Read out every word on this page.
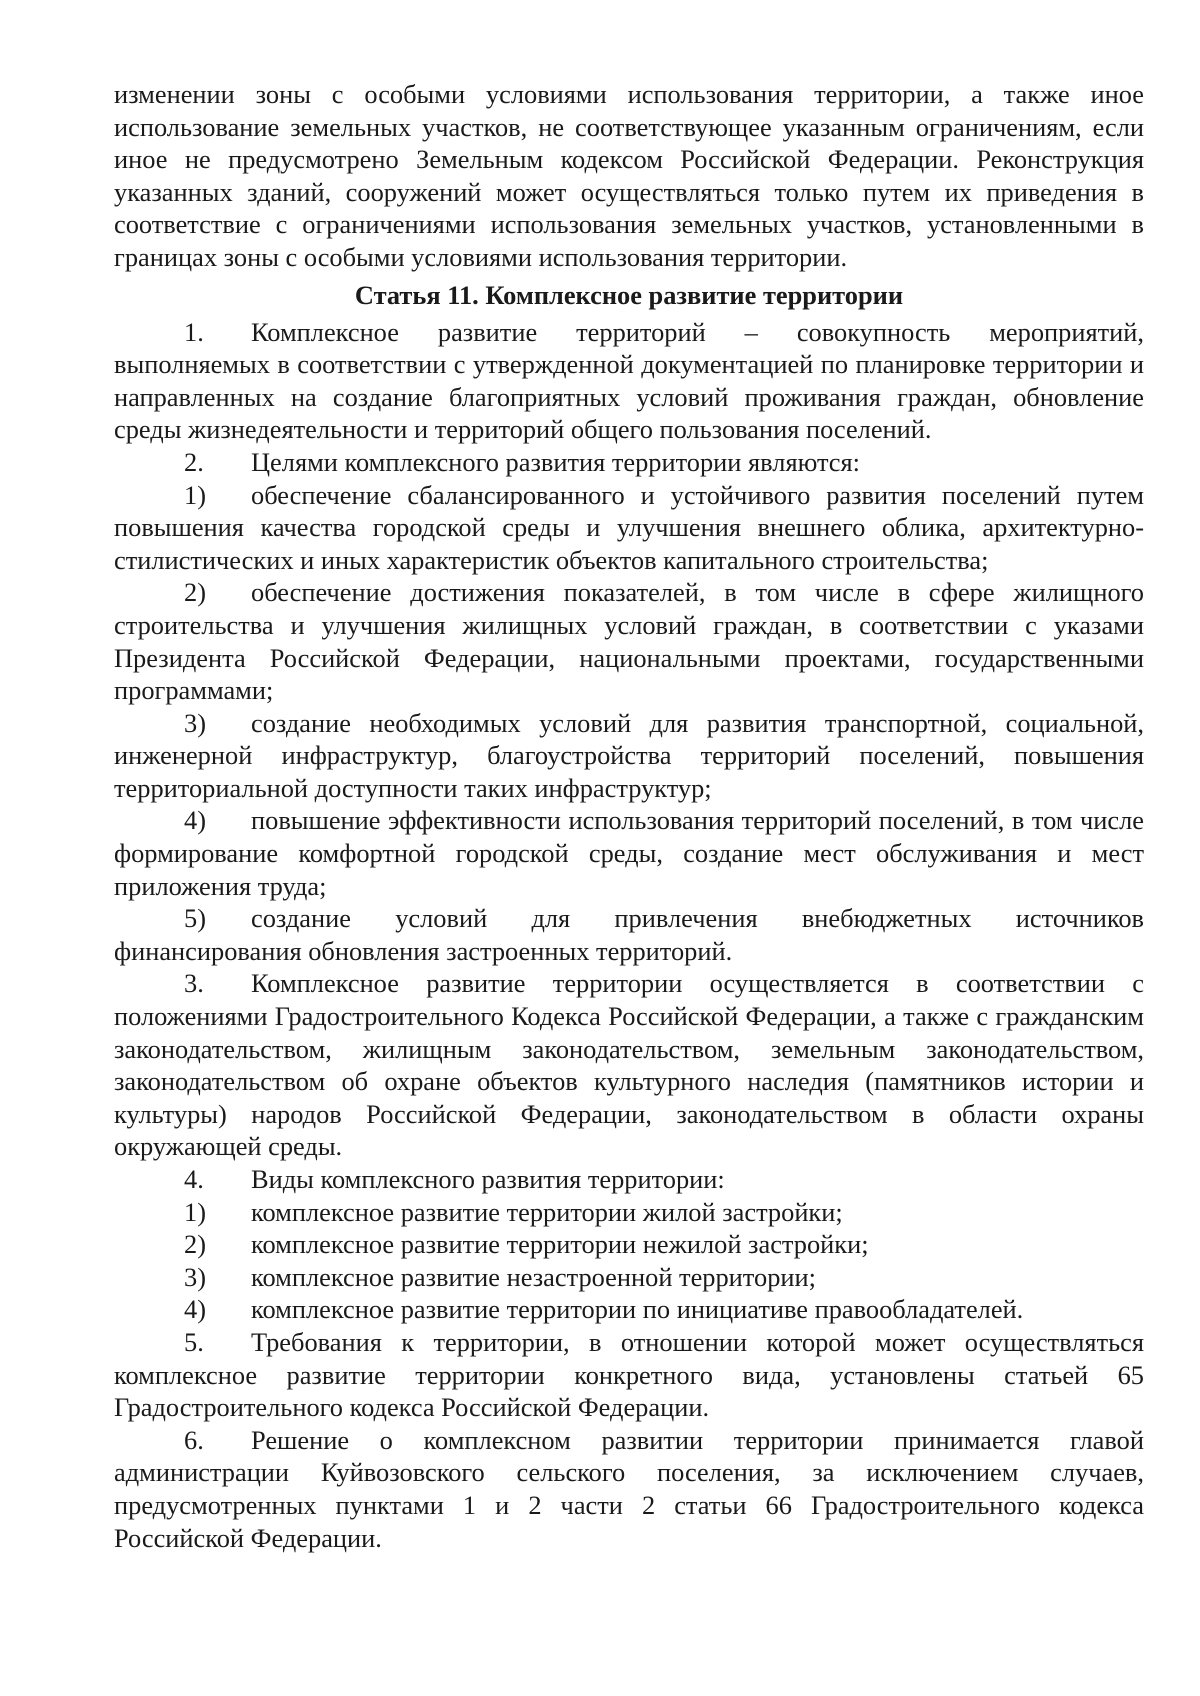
изменении зоны с особыми условиями использования территории, а также иное использование земельных участков, не соответствующее указанным ограничениям, если иное не предусмотрено Земельным кодексом Российской Федерации. Реконструкция указанных зданий, сооружений может осуществляться только путем их приведения в соответствие с ограничениями использования земельных участков, установленными в границах зоны с особыми условиями использования территории.

Статья 11. Комплексное развитие территории

1. Комплексное развитие территорий – совокупность мероприятий, выполняемых в соответствии с утвержденной документацией по планировке территории и направленных на создание благоприятных условий проживания граждан, обновление среды жизнедеятельности и территорий общего пользования поселений.

2. Целями комплексного развития территории являются:

1) обеспечение сбалансированного и устойчивого развития поселений путем повышения качества городской среды и улучшения внешнего облика, архитектурно-стилистических и иных характеристик объектов капитального строительства;

2) обеспечение достижения показателей, в том числе в сфере жилищного строительства и улучшения жилищных условий граждан, в соответствии с указами Президента Российской Федерации, национальными проектами, государственными программами;

3) создание необходимых условий для развития транспортной, социальной, инженерной инфраструктур, благоустройства территорий поселений, повышения территориальной доступности таких инфраструктур;

4) повышение эффективности использования территорий поселений, в том числе формирование комфортной городской среды, создание мест обслуживания и мест приложения труда;

5) создание условий для привлечения внебюджетных источников финансирования обновления застроенных территорий.

3. Комплексное развитие территории осуществляется в соответствии с положениями Градостроительного Кодекса Российской Федерации, а также с гражданским законодательством, жилищным законодательством, земельным законодательством, законодательством об охране объектов культурного наследия (памятников истории и культуры) народов Российской Федерации, законодательством в области охраны окружающей среды.

4. Виды комплексного развития территории:

1) комплексное развитие территории жилой застройки;

2) комплексное развитие территории нежилой застройки;

3) комплексное развитие незастроенной территории;

4) комплексное развитие территории по инициативе правообладателей.

5. Требования к территории, в отношении которой может осуществляться комплексное развитие территории конкретного вида, установлены статьей 65 Градостроительного кодекса Российской Федерации.

6. Решение о комплексном развитии территории принимается главой администрации Куйвозовского сельского поселения, за исключением случаев, предусмотренных пунктами 1 и 2 части 2 статьи 66 Градостроительного кодекса Российской Федерации.
